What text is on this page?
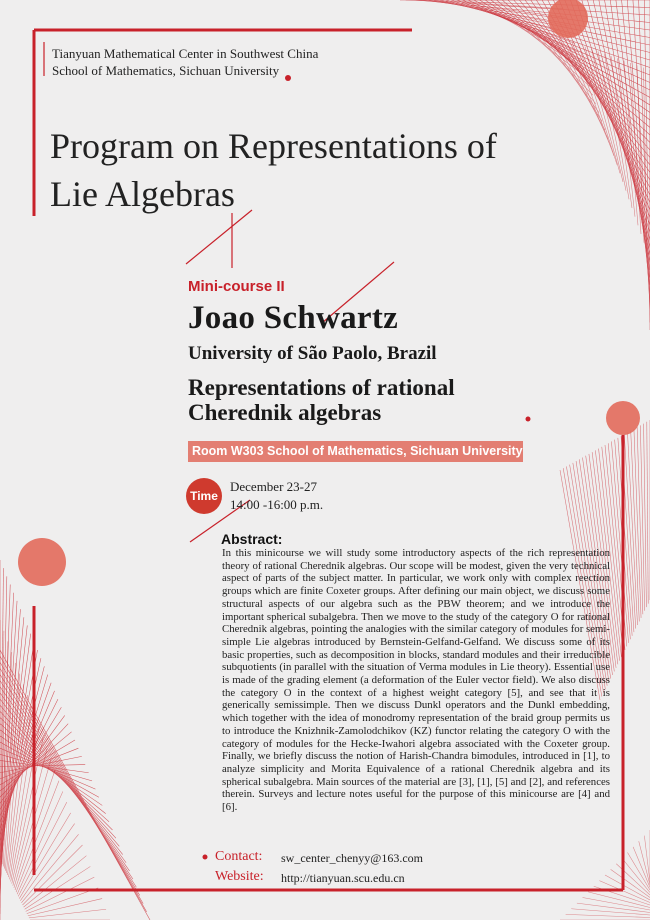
Tianyuan Mathematical Center in Southwest China
School of Mathematics, Sichuan University
Program on Representations of
Lie Algebras
Mini-course II
Joao Schwartz
University of São Paolo, Brazil
Representations of rational
Cherednik algebras
Room W303 School of Mathematics, Sichuan University
Time
December 23-27
14:00 -16:00 p.m.
Abstract:
In this minicourse we will study some introductory aspects of the rich representation theory of rational Cherednik algebras. Our scope will be modest, given the very technical aspect of parts of the subject matter. In particular, we work only with complex reection groups which are finite Coxeter groups. After defining our main object, we discuss some structural aspects of our algebra such as the PBW theorem; and we introduce the important spherical subalgebra. Then we move to the study of the category O for rational Cherednik algebras, pointing the analogies with the similar category of modules for semi-simple Lie algebras introduced by Bernstein-Gelfand-Gelfand. We discuss some of its basic properties, such as decomposition in blocks, standard modules and their irreducible subquotients (in parallel with the situation of Verma modules in Lie theory). Essential use is made of the grading element (a deformation of the Euler vector field). We also discuss the category O in the context of a highest weight category [5], and see that it is generically semissimple. Then we discuss Dunkl operators and the Dunkl embedding, which together with the idea of monodromy representation of the braid group permits us to introduce the Knizhnik-Zamolodchikov (KZ) functor relating the category O with the category of modules for the Hecke-Iwahori algebra associated with the Coxeter group. Finally, we briefly discuss the notion of Harish-Chandra bimodules, introduced in [1], to analyze simplicity and Morita Equivalence of a rational Cherednik algebra and its spherical subalgebra. Main sources of the material are [3], [1], [5] and [2], and references therein. Surveys and lecture notes useful for the purpose of this minicourse are [4] and [6].
Contact: sw_center_chenyy@163.com
Website: http://tianyuan.scu.edu.cn
